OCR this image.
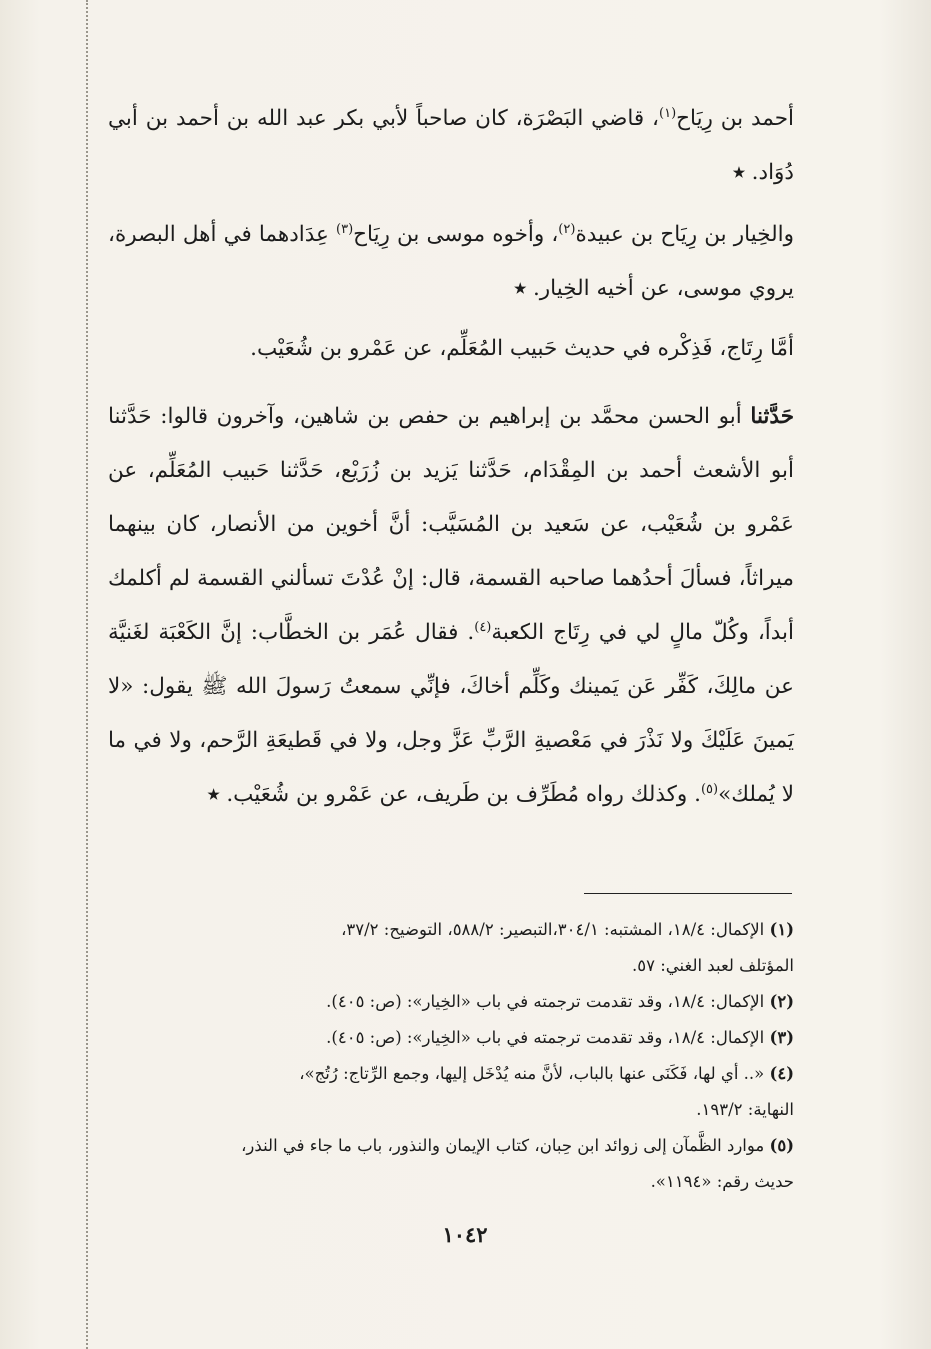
أحمد بن رِيَاح$^{(١)}$، قاضي البَصْرَة، كان صاحباً لأبي بكر عبد الله بن أحمد بن أبي دُوَاد. ٭

والخِيار بن رِيَاح بن عبيدة$^{(٢)}$، وأخوه موسى بن رِيَاح$^{(٣)}$ عِدَادهما في أهل البصرة، يروي موسى، عن أخيه الخِيار. ٭

أمَّا رِتَاج، فَذِكْره في حديث حَبيب المُعَلِّم، عن عَمْرو بن شُعَيْب.

حَدَّثنا أبو الحسن محمَّد بن إبراهيم بن حفص بن شاهين، وآخرون قالوا: حَدَّثنا أبو الأشعث أحمد بن المِقْدَام، حَدَّثنا يَزيد بن زُرَيْع، حَدَّثنا حَبيب المُعَلِّم، عن عَمْرو بن شُعَيْب، عن سَعيد بن المُسَيَّب: أنَّ أخوين من الأنصار، كان بينهما ميراثاً، فسألَ أحدُهما صاحبه القسمة، قال: إنْ عُدْتَ تسألني القسمة لم أكلمك أبداً، وكُلّ مالٍ لي في رِتَاج الكعبة$^{(٤)}$. فقال عُمَر بن الخطَّاب: إنَّ الكَعْبَة لغَنيَّة عن مالِكَ، كَفِّر عَن يَمينك وكَلِّم أخاكَ، فإنِّي سمعتُ رَسولَ الله ﷺ يقول: «لا يَمينَ عَلَيْكَ ولا نَذْرَ في مَعْصيةِ الرَّبِّ عَزَّ وجل، ولا في قَطيعَةِ الرَّحم، ولا في ما لا يُملك»$^{(٥)}$. وكذلك رواه مُطَرِّف بن طَريف، عن عَمْرو بن شُعَيْب. ٭

(١) الإكمال: ١٨/٤، المشتبه: ٣٠٤/١،التبصير: ٥٨٨/٢، التوضيح: ٣٧/٢،

المؤتلف لعبد الغني: ٥٧.

(٢) الإكمال: ١٨/٤، وقد تقدمت ترجمته في باب «الخِيار»: (ص: ٤٠٥).

(٣) الإكمال: ١٨/٤، وقد تقدمت ترجمته في باب «الخِيار»: (ص: ٤٠٥).

(٤) «.. أي لها، فَكَنَى عنها بالباب، لأنَّ منه يُدْخَل إليها، وجمع الرِّتاج: رُتُج»،

النهاية: ١٩٣/٢.

(٥) موارد الظَّمآن إلى زوائد ابن حِبان، كتاب الإيمان والنذور، باب ما جاء في النذر،

حديث رقم: «١١٩٤».

١٠٤٢
